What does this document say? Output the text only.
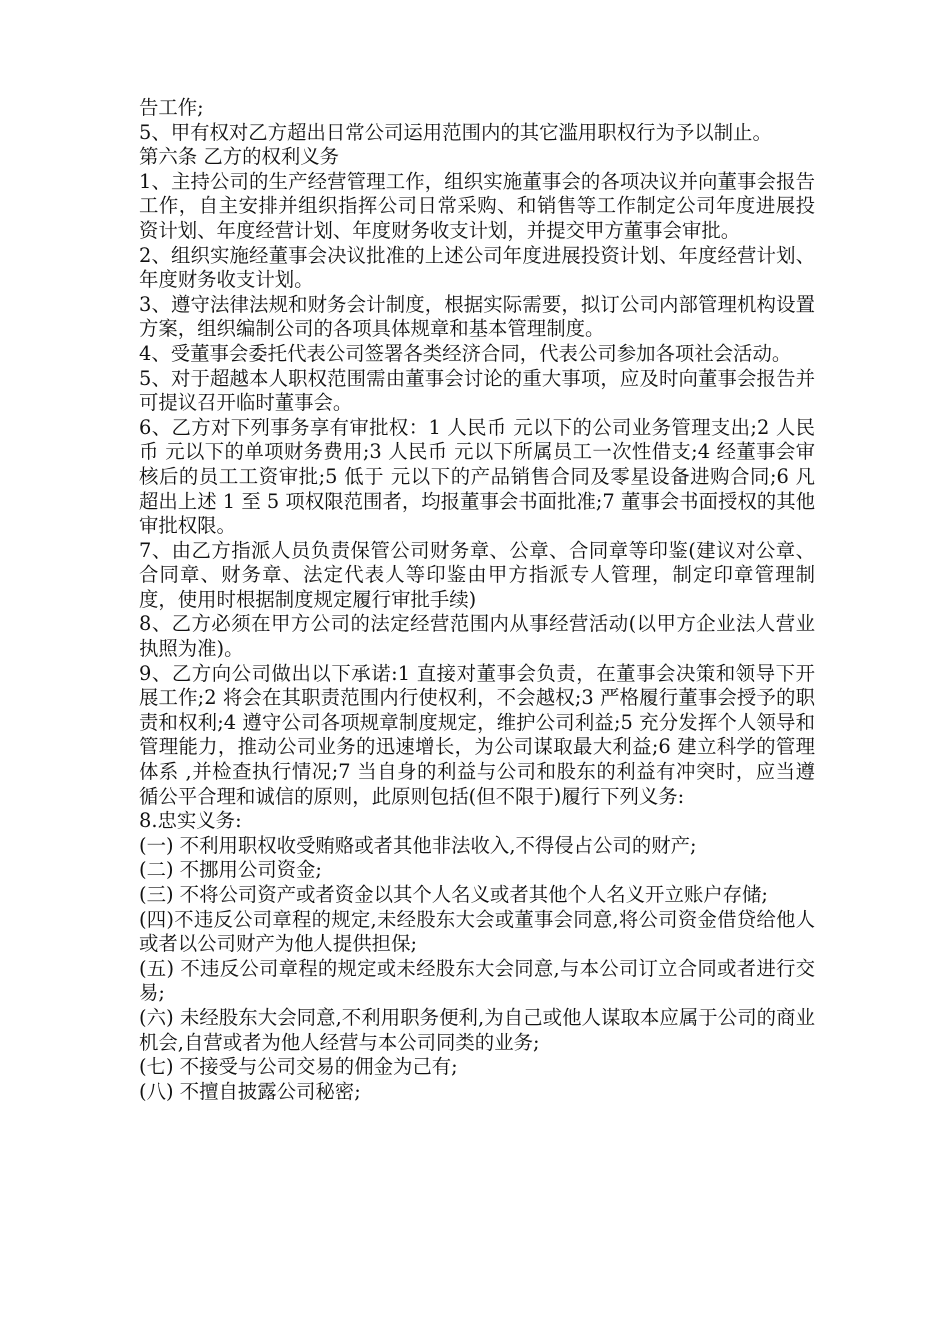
告工作;

5、甲有权对乙方超出日常公司运用范围内的其它滥用职权行为予以制止。

第六条 乙方的权利义务

1、主持公司的生产经营管理工作，组织实施董事会的各项决议并向董事会报告工作，自主安排并组织指挥公司日常采购、和销售等工作制定公司年度进展投资计划、年度经营计划、年度财务收支计划，并提交甲方董事会审批。

2、组织实施经董事会决议批准的上述公司年度进展投资计划、年度经营计划、年度财务收支计划。

3、遵守法律法规和财务会计制度，根据实际需要，拟订公司内部管理机构设置方案，组织编制公司的各项具体规章和基本管理制度。

4、受董事会委托代表公司签署各类经济合同，代表公司参加各项社会活动。

5、对于超越本人职权范围需由董事会讨论的重大事项，应及时向董事会报告并可提议召开临时董事会。

6、乙方对下列事务享有审批权：1 人民币 元以下的公司业务管理支出;2 人民币 元以下的单项财务费用;3 人民币 元以下所属员工一次性借支;4 经董事会审核后的员工工资审批;5 低于 元以下的产品销售合同及零星设备进购合同;6 凡超出上述 1 至 5 项权限范围者，均报董事会书面批准;7 董事会书面授权的其他审批权限。

7、由乙方指派人员负责保管公司财务章、公章、合同章等印鉴(建议对公章、合同章、财务章、法定代表人等印鉴由甲方指派专人管理，制定印章管理制度，使用时根据制度规定履行审批手续)

8、乙方必须在甲方公司的法定经营范围内从事经营活动(以甲方企业法人营业执照为准)。

9、乙方向公司做出以下承诺:1 直接对董事会负责，在董事会决策和领导下开展工作;2 将会在其职责范围内行使权利，不会越权;3 严格履行董事会授予的职责和权利;4 遵守公司各项规章制度规定，维护公司利益;5 充分发挥个人领导和管理能力，推动公司业务的迅速增长，为公司谋取最大利益;6 建立科学的管理体系 ,并检查执行情况;7 当自身的利益与公司和股东的利益有冲突时，应当遵循公平合理和诚信的原则，此原则包括(但不限于)履行下列义务:

8.忠实义务:

(一) 不利用职权收受贿赂或者其他非法收入,不得侵占公司的财产;

(二) 不挪用公司资金;

(三) 不将公司资产或者资金以其个人名义或者其他个人名义开立账户存储;

(四)不违反公司章程的规定,未经股东大会或董事会同意,将公司资金借贷给他人或者以公司财产为他人提供担保;

(五) 不违反公司章程的规定或未经股东大会同意,与本公司订立合同或者进行交易;

(六) 未经股东大会同意,不利用职务便利,为自己或他人谋取本应属于公司的商业机会,自营或者为他人经营与本公司同类的业务;

(七) 不接受与公司交易的佣金为己有;

(八) 不擅自披露公司秘密;
